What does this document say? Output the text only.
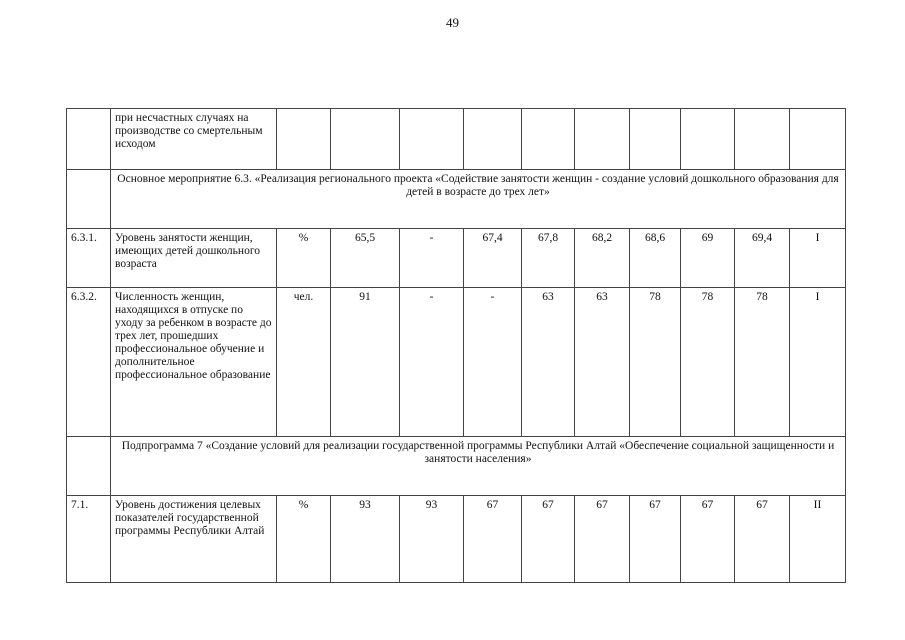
49
	при несчастных случаях на производстве со смертельным исходом										
	Основное мероприятие 6.3. «Реализация регионального проекта «Содействие занятости женщин - создание условий дошкольного образования для детей в возрасте до трех лет»										
6.3.1.	Уровень занятости женщин, имеющих детей дошкольного возраста	%	65,5	-	67,4	67,8	68,2	68,6	69	69,4	I
6.3.2.	Численность женщин, находящихся в отпуске по уходу за ребенком в возрасте до трех лет, прошедших профессиональное обучение и дополнительное профессиональное образование	чел.	91	-	-	63	63	78	78	78	I
	Подпрограмма 7 «Создание условий для реализации государственной программы Республики Алтай «Обеспечение социальной защищенности и занятости населения»										
7.1.	Уровень достижения целевых показателей государственной программы Республики Алтай	%	93	93	67	67	67	67	67	67	II
